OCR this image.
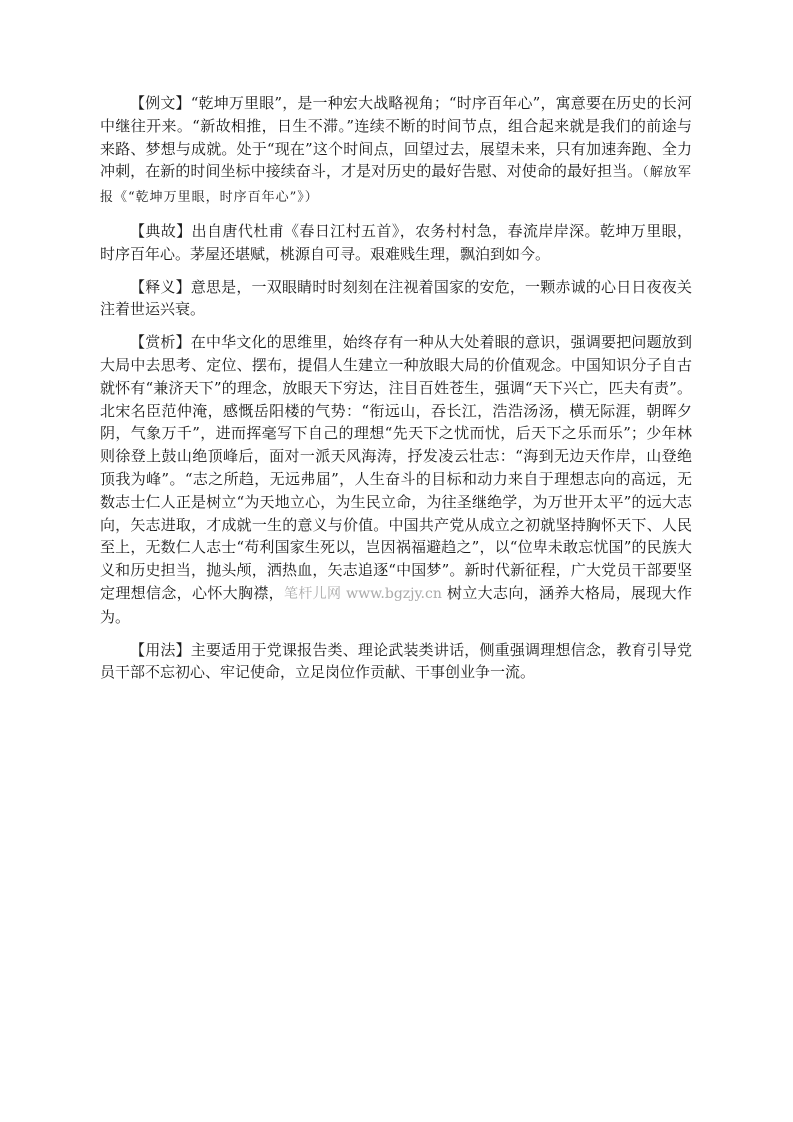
【例文】“乾坤万里眼”，是一种宏大战略视角；“时序百年心”，寓意要在历史的长河中继往开来。“新故相推，日生不滞。”连续不断的时间节点，组合起来就是我们的前途与来路、梦想与成就。处于“现在”这个时间点，回望过去，展望未来，只有加速奔跑、全力冲刺，在新的时间坐标中接续奋斗，才是对历史的最好告慰、对使命的最好担当。（解放军报《“乾坤万里眼，时序百年心”》）

【典故】出自唐代杜甫《春日江村五首》，农务村村急，春流岸岸深。乾坤万里眼，时序百年心。茅屋还堪赋，桃源自可寻。艰难贱生理，飘泊到如今。

【释义】意思是，一双眼睛时时刻刻在注视着国家的安危，一颗赤诚的心日日夜夜关注着世运兴衰。

【赏析】在中华文化的思维里，始终存有一种从大处着眼的意识，强调要把问题放到大局中去思考、定位、摆布，提倡人生建立一种放眼大局的价值观念。中国知识分子自古就怀有“兼济天下”的理念，放眼天下穷达，注目百姓苍生，强调“天下兴亡，匹夫有责”。北宋名臣范仲淹，感慨岳阳楼的气势：“衔远山，吞长江，浩浩汤汤，横无际涯，朝晖夕阴，气象万千”，进而挥毫写下自己的理想“先天下之忧而忧，后天下之乐而乐”；少年林则徐登上鼓山绝顶峰后，面对一派天风海涛，抒发凌云壮志：“海到无边天作岸，山登绝顶我为峰”。“志之所趋，无远弗届”，人生奋斗的目标和动力来自于理想志向的高远，无数志士仁人正是树立“为天地立心，为生民立命，为往圣继绝学，为万世开太平”的远大志向，矢志进取，才成就一生的意义与价值。中国共产党从成立之初就坚持胸怀天下、人民至上，无数仁人志士“苟利国家生死以，岂因祸福避趋之”，以“位卑未敢忘忧国”的民族大义和历史担当，抛头颅，洒热血，矢志追逐“中国梦”。新时代新征程，广大党员干部要坚定理想信念，心怀大胸襟，笔杆儿网 www.bgzjy.cn 树立大志向，涵养大格局，展现大作为。

【用法】主要适用于党课报告类、理论武装类讲话，侧重强调理想信念，教育引导党员干部不忘初心、牢记使命，立足岗位作贡献、干事创业争一流。
